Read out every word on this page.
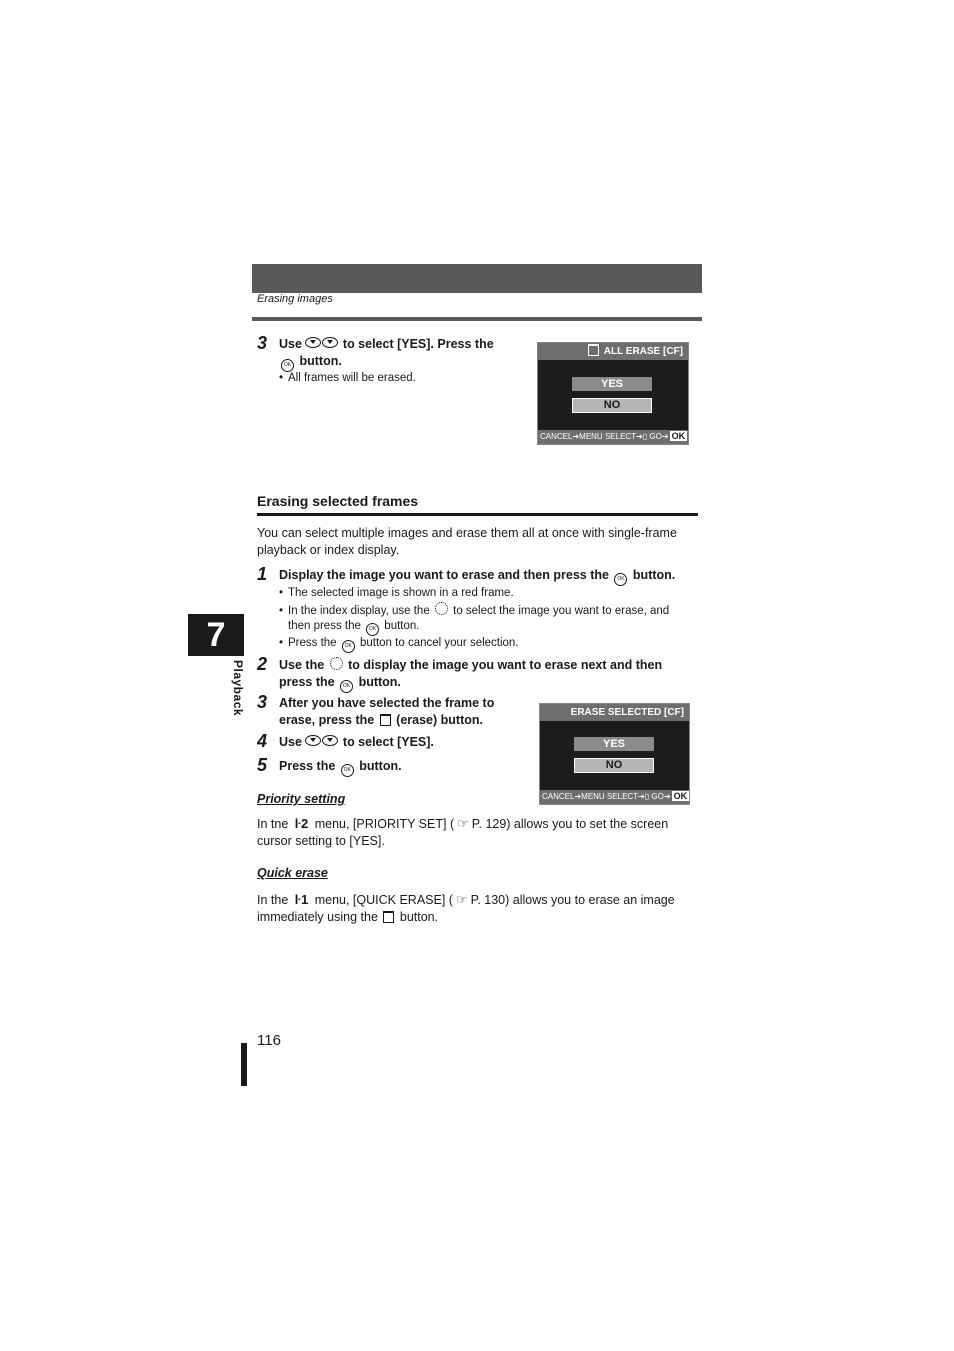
Erasing images
7
Playback
3 Use	to select [YES]. Press the
OK button.
• All frames will be erased.
ALL ERASE [CF]
YES
NO
CANCEL➔MENU SELECT➔▯ GO➔ OK
Erasing selected frames
You can select multiple images and erase them all at once with single-frame playback or index display.
1 Display the image you want to erase and then press the OK button.
• The selected image is shown in a red frame.
• In the index display, use the to select the image you want to erase, and
then press the OK button.
• Press the OK button to cancel your selection.
2 Use the to display the image you want to erase next and then
press the OK button.
3 After you have selected the frame to
erase, press the (erase) button.
4 Use	to select [YES].
5 Press the OK button.
ERASE SELECTED [CF]
YES
NO
CANCEL➔MENU SELECT➔▯ GO➔ OK
Priority setting
In tne ŀ2 menu, [PRIORITY SET] ( ☞ P. 129) allows you to set the screen
cursor setting to [YES].
Quick erase
In the ŀ1 menu, [QUICK ERASE] ( ☞ P. 130) allows you to erase an image
immediately using the button.
116
